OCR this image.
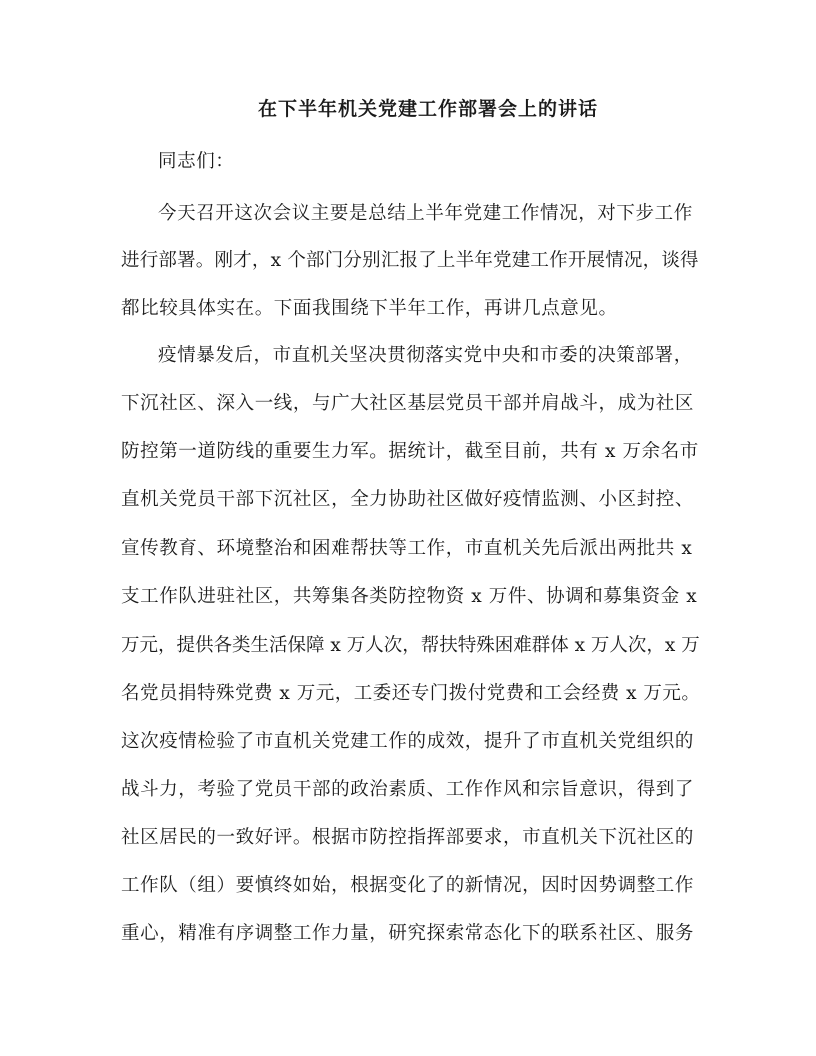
在下半年机关党建工作部署会上的讲话
同志们：
今天召开这次会议主要是总结上半年党建工作情况，对下步工作
进行部署。刚才，x 个部门分别汇报了上半年党建工作开展情况，谈得
都比较具体实在。下面我围绕下半年工作，再讲几点意见。
疫情暴发后，市直机关坚决贯彻落实党中央和市委的决策部署，
下沉社区、深入一线，与广大社区基层党员干部并肩战斗，成为社区
防控第一道防线的重要生力军。据统计，截至目前，共有 x 万余名市
直机关党员干部下沉社区，全力协助社区做好疫情监测、小区封控、
宣传教育、环境整治和困难帮扶等工作，市直机关先后派出两批共 x
支工作队进驻社区，共筹集各类防控物资 x 万件、协调和募集资金 x
万元，提供各类生活保障 x 万人次，帮扶特殊困难群体 x 万人次，x 万
名党员捐特殊党费 x 万元，工委还专门拨付党费和工会经费 x 万元。
这次疫情检验了市直机关党建工作的成效，提升了市直机关党组织的
战斗力，考验了党员干部的政治素质、工作作风和宗旨意识，得到了
社区居民的一致好评。根据市防控指挥部要求，市直机关下沉社区的
工作队（组）要慎终如始，根据变化了的新情况，因时因势调整工作
重心，精准有序调整工作力量，研究探索常态化下的联系社区、服务
